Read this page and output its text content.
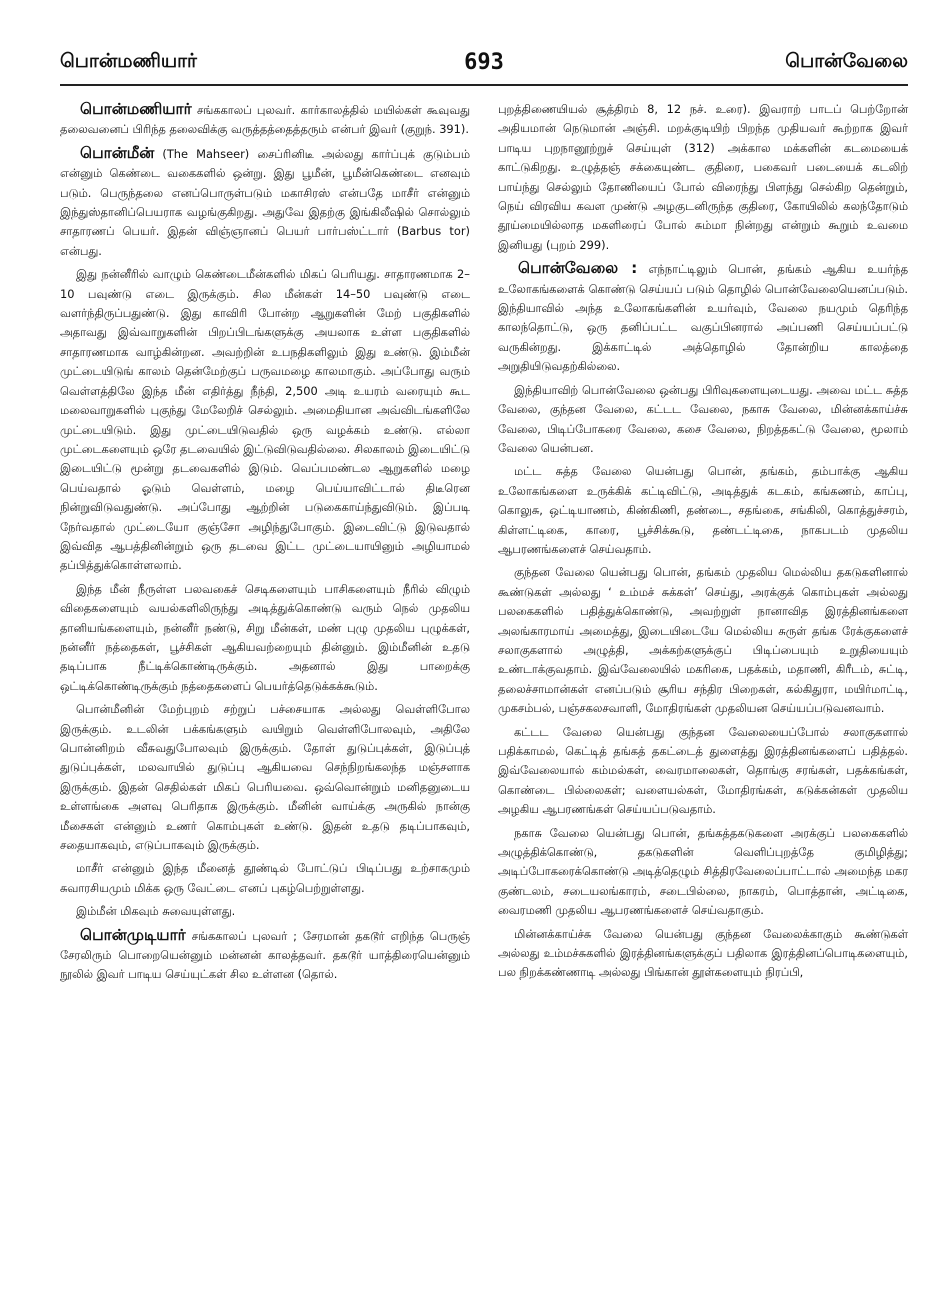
பொன்மணியார்	693	பொன்வேலை

பொன்மணியார் சங்ககாலப் புலவர். கார்காலத்தில் மயில்கள் கூவுவது தலைவனைப் பிரிந்த தலைவிக்கு வருத்தத்தைத்தரும் என்பர் இவர் (குறுந். 391).

பொன்மீன் (The Mahseer) சைப்ரினிடீ அல்லது கார்ப்புக் குடும்பம் என்னும் கெண்டை வகைகளில் ஒன்று. இது பூமீன், பூமீன்கெண்டை எனவும் படும். பெருந்தலை எனப்பொருள்படும் மகாசிரஸ் என்பதே மாசீர் என்னும் இந்துஸ்தானிப்பெயராக வழங்குகிறது. அதுவே இதற்கு இங்கிலீஷில் சொல்லும் சாதாரணப் பெயர். இதன் விஞ்ஞானப் பெயர் பார்பஸ்ட்டார் (Barbus tor) என்பது.

இது நன்னீரில் வாழும் கெண்டைமீன்களில் மிகப் பெரியது. சாதாரணமாக 2–10 பவுண்டு எடை இருக்கும். சில மீன்கள் 14–50 பவுண்டு எடை வளர்ந்திருப்பதுண்டு. இது காவிரி போன்ற ஆறுகளின் மேற் பகுதிகளில் அதாவது இவ்வாறுகளின் பிறப்பிடங்களுக்கு அயலாக உள்ள பகுதிகளில் சாதாரணமாக வாழ்கின்றன. அவற்றின் உபநதிகளிலும் இது உண்டு. இம்மீன் முட்டையிடுங் காலம் தென்மேற்குப் பருவமழை காலமாகும். அப்போது வரும் வெள்ளத்திலே இந்த மீன் எதிர்த்து நீந்தி, 2,500 அடி உயரம் வரையும் கூட மலைவாறுகளில் புகுந்து மேலேறிச் செல்லும். அமைதியான அவ்விடங்களிலே முட்டையிடும். இது முட்டையிடுவதில் ஒரு வழக்கம் உண்டு. எல்லா முட்டைகளையும் ஒரே தடவையில் இட்டுவிடுவதில்லை. சிலகாலம் இடையிட்டு இடையிட்டு மூன்று தடவைகளில் இடும். வெப்பமண்டல ஆறுகளில் மழை பெய்வதால் ஓடும் வெள்ளம், மழை பெய்யாவிட்டால் திடீரென நின்றுவிடுவதுண்டு. அப்போது ஆற்றின் படுகைகாய்ந்துவிடும். இப்படி நேர்வதால் முட்டையோ குஞ்சோ அழிந்துபோகும். இடைவிட்டு இடுவதால் இவ்வித ஆபத்தினின்றும் ஒரு தடவை இட்ட முட்டையாயினும் அழியாமல் தப்பித்துக்கொள்ளலாம்.

இந்த மீன் நீருள்ள பலவகைச் செடிகளையும் பாசிகளையும் நீரில் விழும் விதைகளையும் வயல்களிலிருந்து அடித்துக்கொண்டு வரும் நெல் முதலிய தானியங்களையும், நன்னீர் நண்டு, சிறு மீன்கள், மண் புழு முதலிய புழுக்கள், நன்னீர் நத்தைகள், பூச்சிகள் ஆகியவற்றையும் தின்னும். இம்மீனின் உதடு தடிப்பாக நீட்டிக்கொண்டிருக்கும். அதனால் இது பாறைக்கு ஒட்டிக்கொண்டிருக்கும் நத்தைகளைப் பெயர்த்தெடுக்கக்கூடும்.

பொன்மீனின் மேற்புறம் சற்றுப் பச்சையாக அல்லது வெள்ளிபோல இருக்கும். உடலின் பக்கங்களும் வயிறும் வெள்ளிபோலவும், அதிலே பொன்னிறம் வீசுவதுபோலவும் இருக்கும். தோள் துடுப்புக்கள், இடுப்புத் துடுப்புக்கள், மலவாயில் துடுப்பு ஆகியவை செந்நிறங்கலந்த மஞ்சளாக இருக்கும். இதன் செதில்கள் மிகப் பெரியவை. ஒவ்வொன்றும் மனிதனுடைய உள்ளங்கை அளவு பெரிதாக இருக்கும். மீனின் வாய்க்கு அருகில் நான்கு மீசைகள் என்னும் உணர் கொம்புகள் உண்டு. இதன் உதடு தடிப்பாகவும், சதையாகவும், எடுப்பாகவும் இருக்கும்.

மாசீர் என்னும் இந்த மீனைத் தூண்டில் போட்டுப் பிடிப்பது உற்சாகமும் சுவாரசியமும் மிக்க ஒரு வேட்டை எனப் புகழ்பெற்றுள்ளது.

இம்மீன் மிகவும் சுவையுள்ளது.

பொன்முடியார் சங்ககாலப் புலவர் ; சேரமான் தகடூர் எறிந்த பெருஞ் சேரலிரும் பொறையென்னும் மன்னன் காலத்தவர். தகடூர் யாத்திரையென்னும் நூலில் இவர் பாடிய செய்யுட்கள் சில உள்ளன (தொல்.

புறத்திணையியல் சூத்திரம் 8, 12 நச். உரை). இவராற் பாடப் பெற்றோன் அதியமான் நெடுமான் அஞ்சி. மறக்குடியிற் பிறந்த முதியவர் கூற்றாக இவர் பாடிய புறநானூற்றுச் செய்யுள் (312) அக்கால மக்களின் கடமையைக் காட்டுகிறது. உழுத்தஞ் சக்கையுண்ட குதிரை, பகைவர் படையைக் கடலிற் பாய்ந்து செல்லும் தோணியைப் போல் விரைந்து பிளந்து செல்கிற தென்றும், நெய் விரவிய கவள முண்டு அழகுடனிருந்த குதிரை, கோயிலில் கலந்தோடும் தூய்மையில்லாத மகளிரைப் போல் சும்மா நின்றது என்றும் கூறும் உவமை இனியது (புறம் 299).

பொன்வேலை : எந்நாட்டிலும் பொன், தங்கம் ஆகிய உயர்ந்த உலோகங்களைக் கொண்டு செய்யப் படும் தொழில் பொன்வேலையெனப்படும். இந்தியாவில் அந்த உலோகங்களின் உயர்வும், வேலை நயமும் தெரிந்த காலந்தொட்டு, ஒரு தனிப்பட்ட வகுப்பினரால் அப்பணி செய்யப்பட்டு வருகின்றது. இக்காட்டில் அத்தொழில் தோன்றிய காலத்தை அறுதியிடுவதற்கில்லை.

இந்தியாவிற் பொன்வேலை ஒன்பது பிரிவுகளையுடையது. அவை மட்ட சுத்த வேலை, குந்தன வேலை, கட்டட வேலை, நகாசு வேலை, மின்னக்காய்ச்சு வேலை, பிடிப்போகரை வேலை, கசை வேலை, நிறத்தகட்டு வேலை, மூலாம் வேலை யென்பன.

மட்ட சுத்த வேலை யென்பது பொன், தங்கம், தம்பாக்கு ஆகிய உலோகங்களை உருக்கிக் கட்டிவிட்டு, அடித்துக் கடகம், கங்கணம், காப்பு, கொலுசு, ஒட்டியாணம், கிண்கிணி, தண்டை, சதங்கை, சங்கிலி, கொத்துச்சரம், கிள்ளட்டிகை, காரை, பூச்சிக்கூடு, தண்டட்டிகை, நாகபடம் முதலிய ஆபரணங்களைச் செய்வதாம்.

குந்தன வேலை யென்பது பொன், தங்கம் முதலிய மெல்லிய தகடுகளினால் கூண்டுகள் அல்லது ‘ உம்மச் சுக்கள்’ செய்து, அரக்குக் கொம்புகள் அல்லது பலகைகளில் பதித்துக்கொண்டு, அவற்றுள் நானாவித இரத்தினங்களை அலங்காரமாய் அமைத்து, இடையிடையே மெல்லிய சுருள் தங்க ரேக்குகளைச் சலாகுகளால் அழுத்தி, அக்கற்களுக்குப் பிடிப்பையும் உறுதியையும் உண்டாக்குவதாம். இவ்வேலையில் மகரிகை, பதக்கம், மதாணி, கிரீடம், சுட்டி, தலைச்சாமான்கள் எனப்படும் சூரிய சந்திர பிறைகள், கல்கிதுரா, மயிர்மாட்டி, முகசம்பல், பஞ்சகலசவாளி, மோதிரங்கள் முதலியன செய்யப்படுவனவாம்.

கட்டட வேலை யென்பது குந்தன வேலையைப்போல் சலாகுகளால் பதிக்காமல், கெட்டித் தங்கத் தகட்டைத் துளைத்து இரத்தினங்களைப் பதித்தல். இவ்வேலையால் கம்மல்கள், வைரமாலைகள், தொங்கு சரங்கள், பதக்கங்கள், கொண்டை பில்லைகள்; வளையல்கள், மோதிரங்கள், கடுக்கன்கள் முதலிய அழகிய ஆபரணங்கள் செய்யப்படுவதாம்.

நகாசு வேலை யென்பது பொன், தங்கத்தகடுகளை அரக்குப் பலகைகளில் அழுத்திக்கொண்டு, தகடுகளின் வெளிப்புறத்தே குமிழித்து; அடிப்போகரைக்கொண்டு அடித்தெழும் சித்திரவேலைப்பாட்டால் அமைந்த மகர குண்டலம், சடையலங்காரம், சடைபில்லை, நாகரம், பொத்தான், அட்டிகை, வைரமணி முதலிய ஆபரணங்களைச் செய்வதாகும்.

மின்னக்காய்ச்சு வேலை யென்பது குந்தன வேலைக்காகும் கூண்டுகள் அல்லது உம்மச்சுகளில் இரத்தினங்களுக்குப் பதிலாக இரத்தினப்பொடிகளையும், பல நிறக்கண்ணாடி அல்லது பிங்கான் தூள்களையும் நிரப்பி,
